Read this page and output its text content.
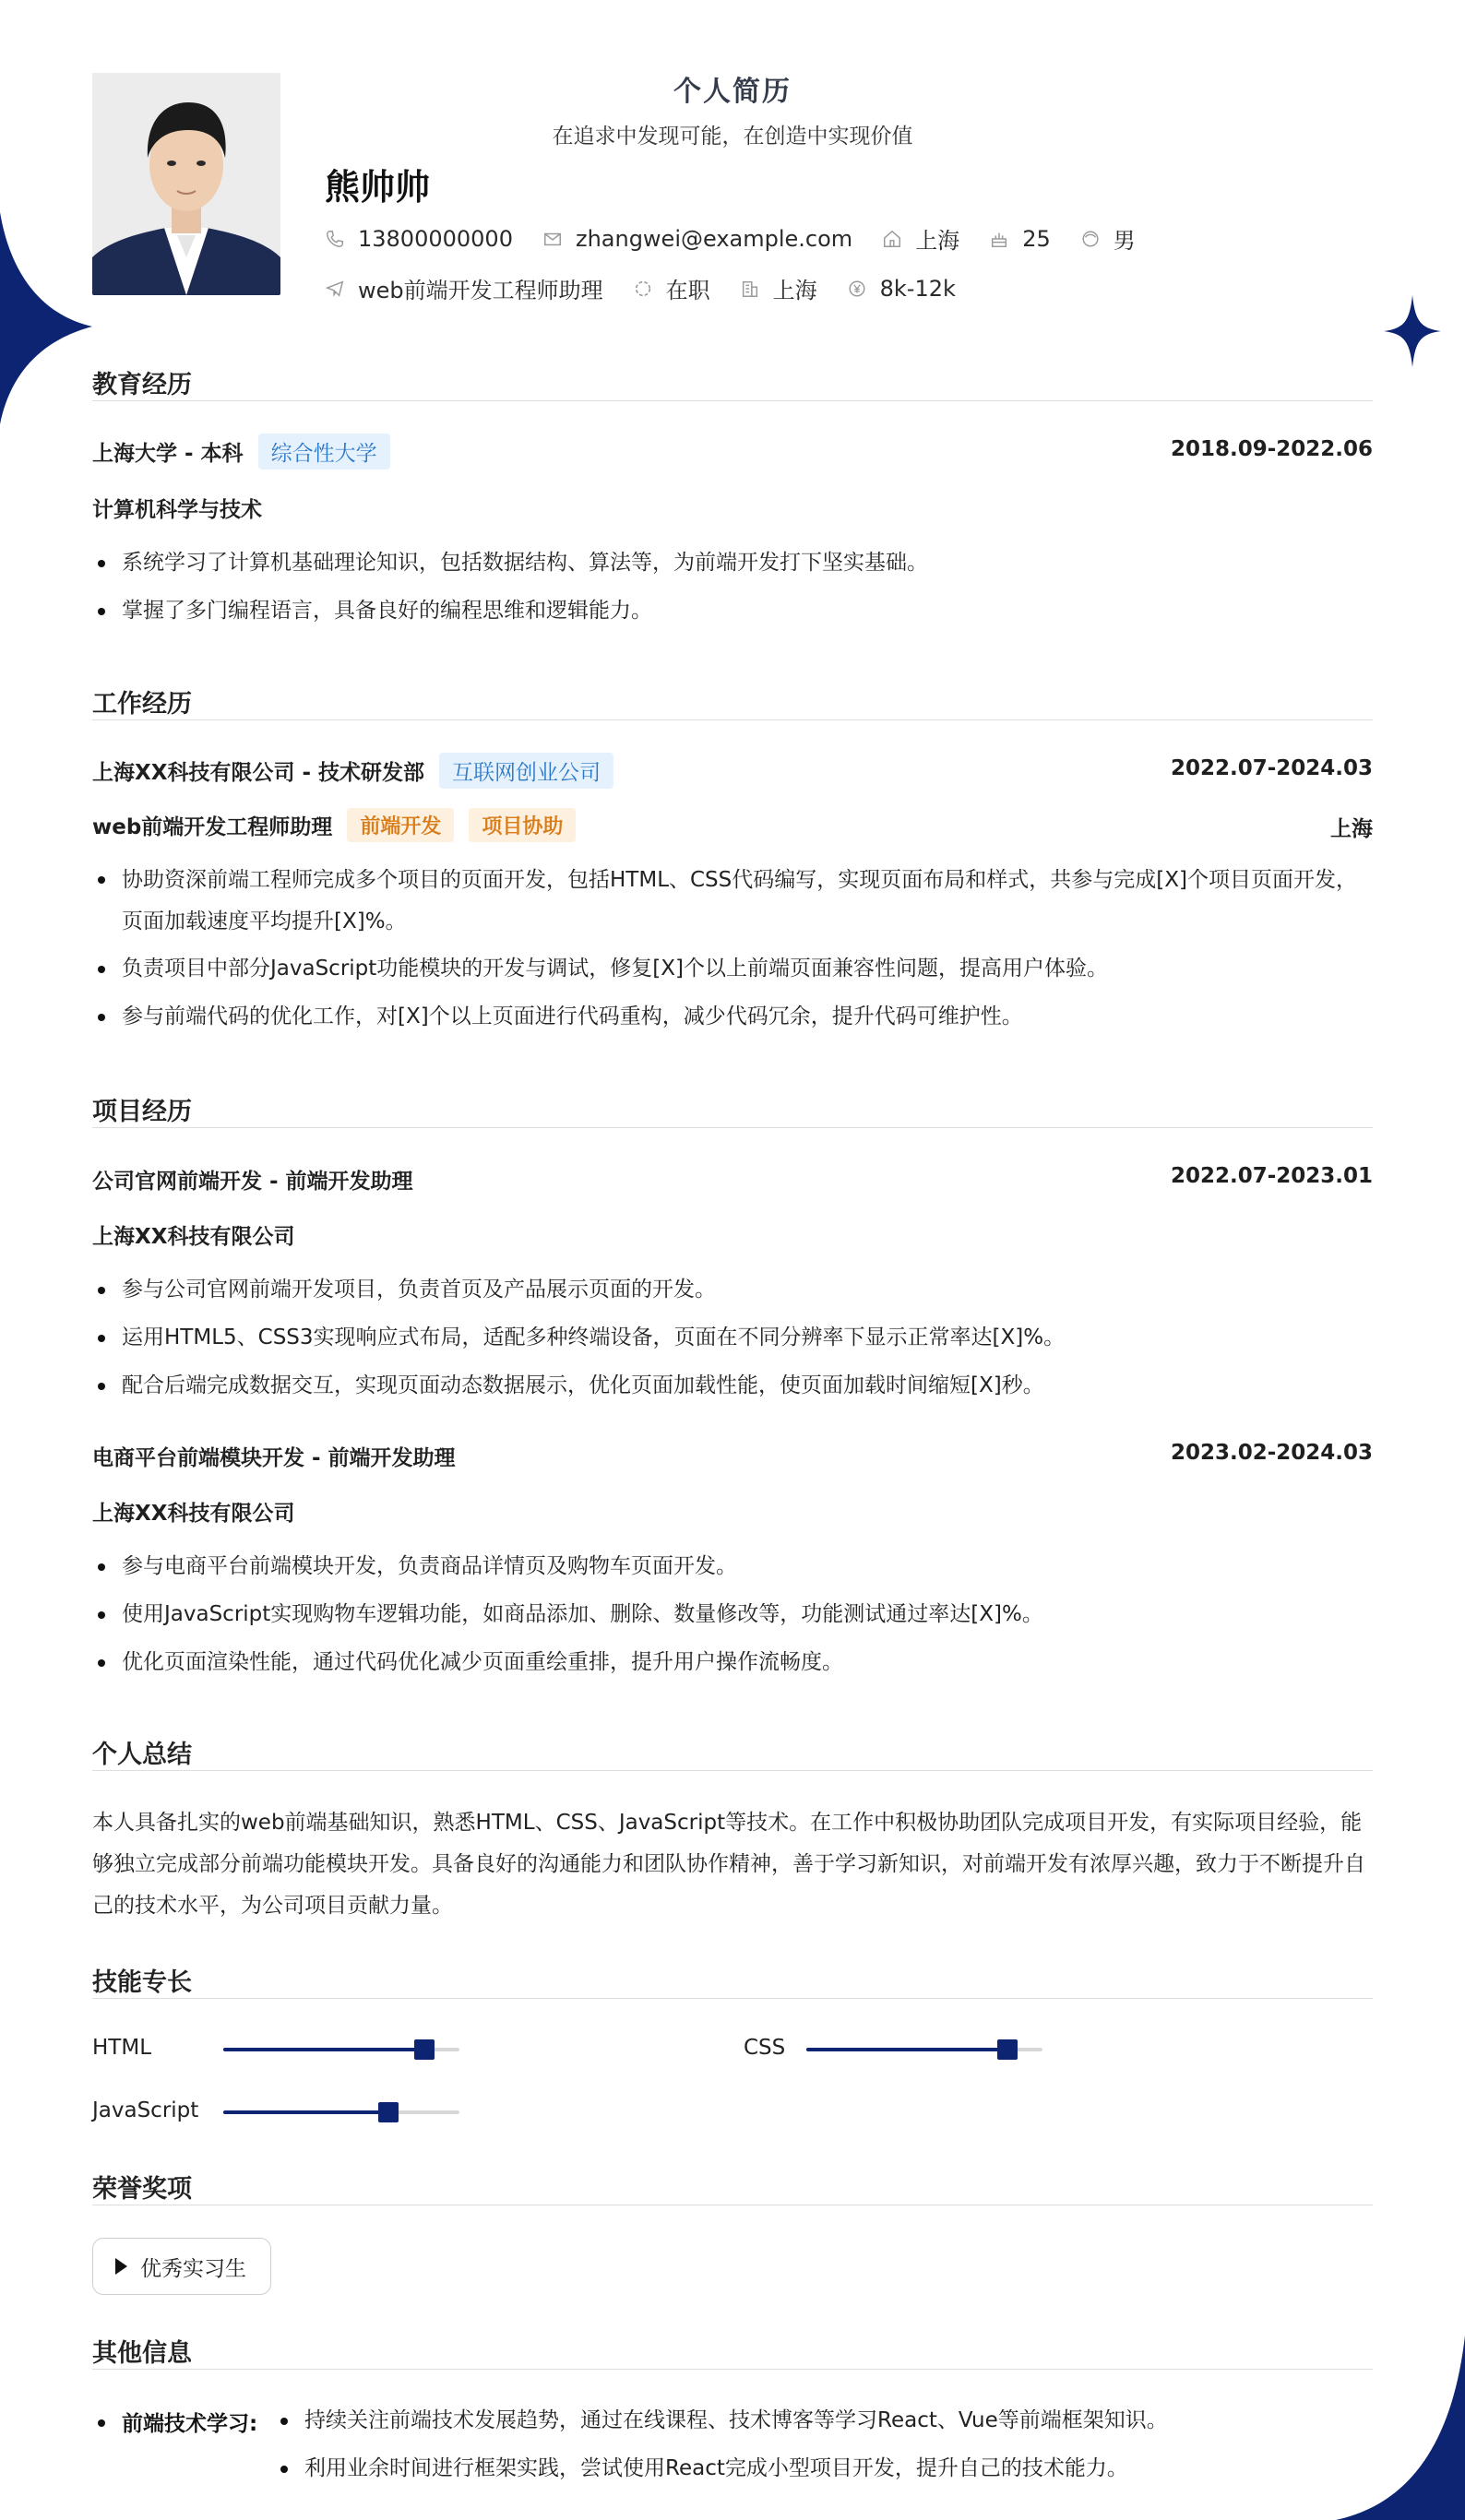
个人简历
在追求中发现可能，在创造中实现价值
熊帅帅
13800000000	zhangwei@example.com	上海	25	男
web前端开发工程师助理	在职	上海	8k-12k
教育经历
上海大学 - 本科	综合性大学	2018.09-2022.06
计算机科学与技术
系统学习了计算机基础理论知识，包括数据结构、算法等，为前端开发打下坚实基础。
掌握了多门编程语言，具备良好的编程思维和逻辑能力。
工作经历
上海XX科技有限公司 - 技术研发部	互联网创业公司	2022.07-2024.03
web前端开发工程师助理	前端开发	项目协助	上海
协助资深前端工程师完成多个项目的页面开发，包括HTML、CSS代码编写，实现页面布局和样式，共参与完成[X]个项目页面开发，页面加载速度平均提升[X]%。
负责项目中部分JavaScript功能模块的开发与调试，修复[X]个以上前端页面兼容性问题，提高用户体验。
参与前端代码的优化工作，对[X]个以上页面进行代码重构，减少代码冗余，提升代码可维护性。
项目经历
公司官网前端开发 - 前端开发助理	2022.07-2023.01
上海XX科技有限公司
参与公司官网前端开发项目，负责首页及产品展示页面的开发。
运用HTML5、CSS3实现响应式布局，适配多种终端设备，页面在不同分辨率下显示正常率达[X]%。
配合后端完成数据交互，实现页面动态数据展示，优化页面加载性能，使页面加载时间缩短[X]秒。
电商平台前端模块开发 - 前端开发助理	2023.02-2024.03
上海XX科技有限公司
参与电商平台前端模块开发，负责商品详情页及购物车页面开发。
使用JavaScript实现购物车逻辑功能，如商品添加、删除、数量修改等，功能测试通过率达[X]%。
优化页面渲染性能，通过代码优化减少页面重绘重排，提升用户操作流畅度。
个人总结

本人具备扎实的web前端基础知识，熟悉HTML、CSS、JavaScript等技术。在工作中积极协助团队完成项目开发，有实际项目经验，能够独立完成部分前端功能模块开发。具备良好的沟通能力和团队协作精神，善于学习新知识，对前端开发有浓厚兴趣，致力于不断提升自己的技术水平，为公司项目贡献力量。

技能专长
HTML	CSS
JavaScript
荣誉奖项
优秀实习生
其他信息
前端技术学习:	持续关注前端技术发展趋势，通过在线课程、技术博客等学习React、Vue等前端框架知识。
利用业余时间进行框架实践，尝试使用React完成小型项目开发，提升自己的技术能力。
